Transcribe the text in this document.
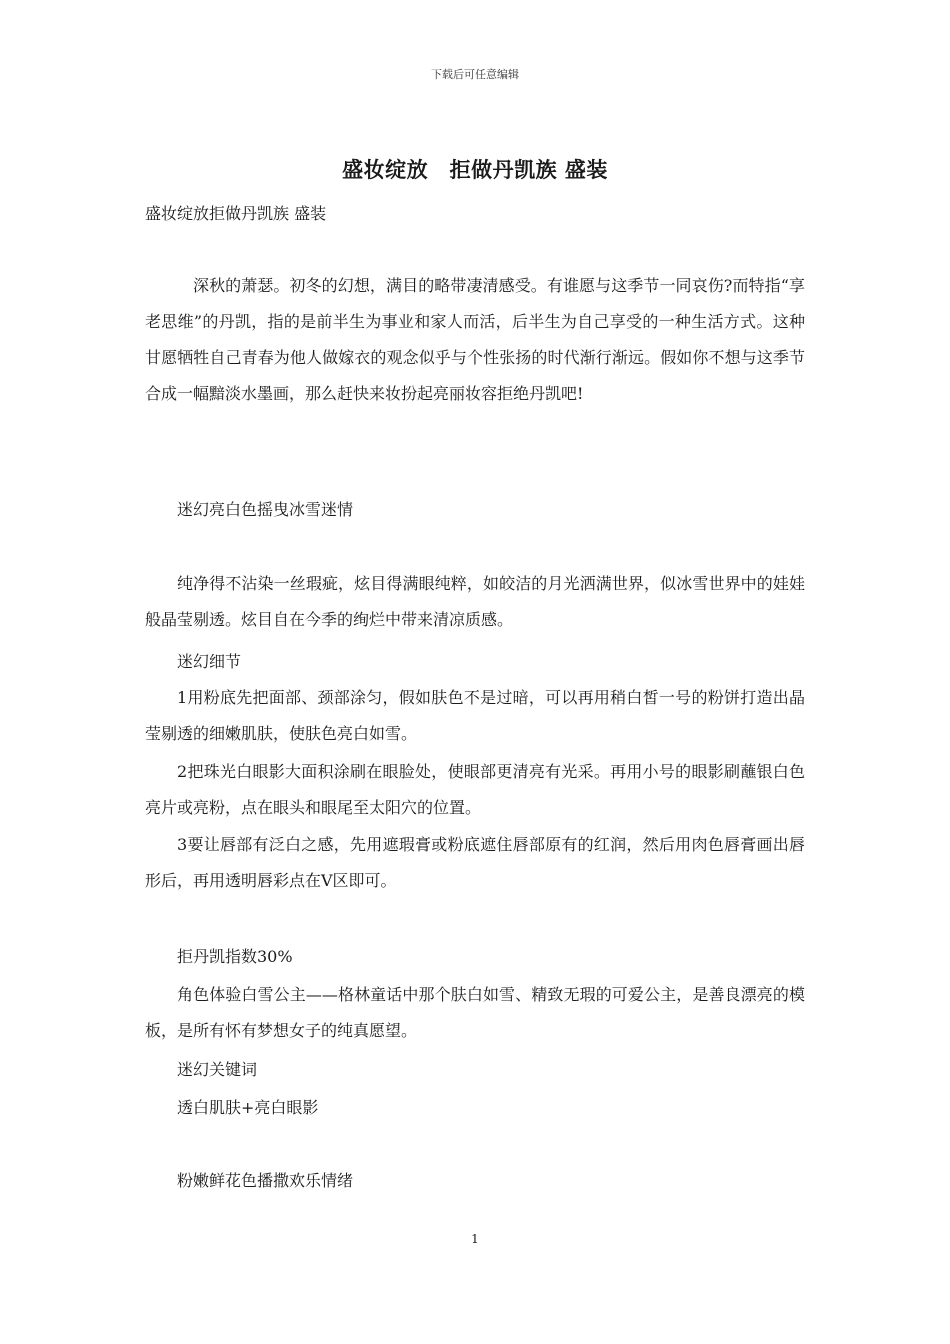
下载后可任意编辑
盛妆绽放　拒做丹凯族 盛装

盛妆绽放拒做丹凯族 盛装

深秋的萧瑟。初冬的幻想，满目的略带凄清感受。有谁愿与这季节一同哀伤?而特指“享老思维”的丹凯，指的是前半生为事业和家人而活，后半生为自己享受的一种生活方式。这种甘愿牺牲自己青春为他人做嫁衣的观念似乎与个性张扬的时代渐行渐远。假如你不想与这季节合成一幅黯淡水墨画，那么赶快来妆扮起亮丽妆容拒绝丹凯吧!

迷幻亮白色摇曳冰雪迷情

纯净得不沾染一丝瑕疵，炫目得满眼纯粹，如皎洁的月光洒满世界，似冰雪世界中的娃娃般晶莹剔透。炫目自在今季的绚烂中带来清凉质感。

迷幻细节

1用粉底先把面部、颈部涂匀，假如肤色不是过暗，可以再用稍白皙一号的粉饼打造出晶莹剔透的细嫩肌肤，使肤色亮白如雪。

2把珠光白眼影大面积涂刷在眼脸处，使眼部更清亮有光采。再用小号的眼影刷蘸银白色亮片或亮粉，点在眼头和眼尾至太阳穴的位置。

3要让唇部有泛白之感，先用遮瑕膏或粉底遮住唇部原有的红润，然后用肉色唇膏画出唇形后，再用透明唇彩点在V区即可。

拒丹凯指数30%

角色体验白雪公主——格林童话中那个肤白如雪、精致无瑕的可爱公主，是善良漂亮的模板，是所有怀有梦想女子的纯真愿望。

迷幻关键词

透白肌肤+亮白眼影

粉嫩鲜花色播撒欢乐情绪

1
